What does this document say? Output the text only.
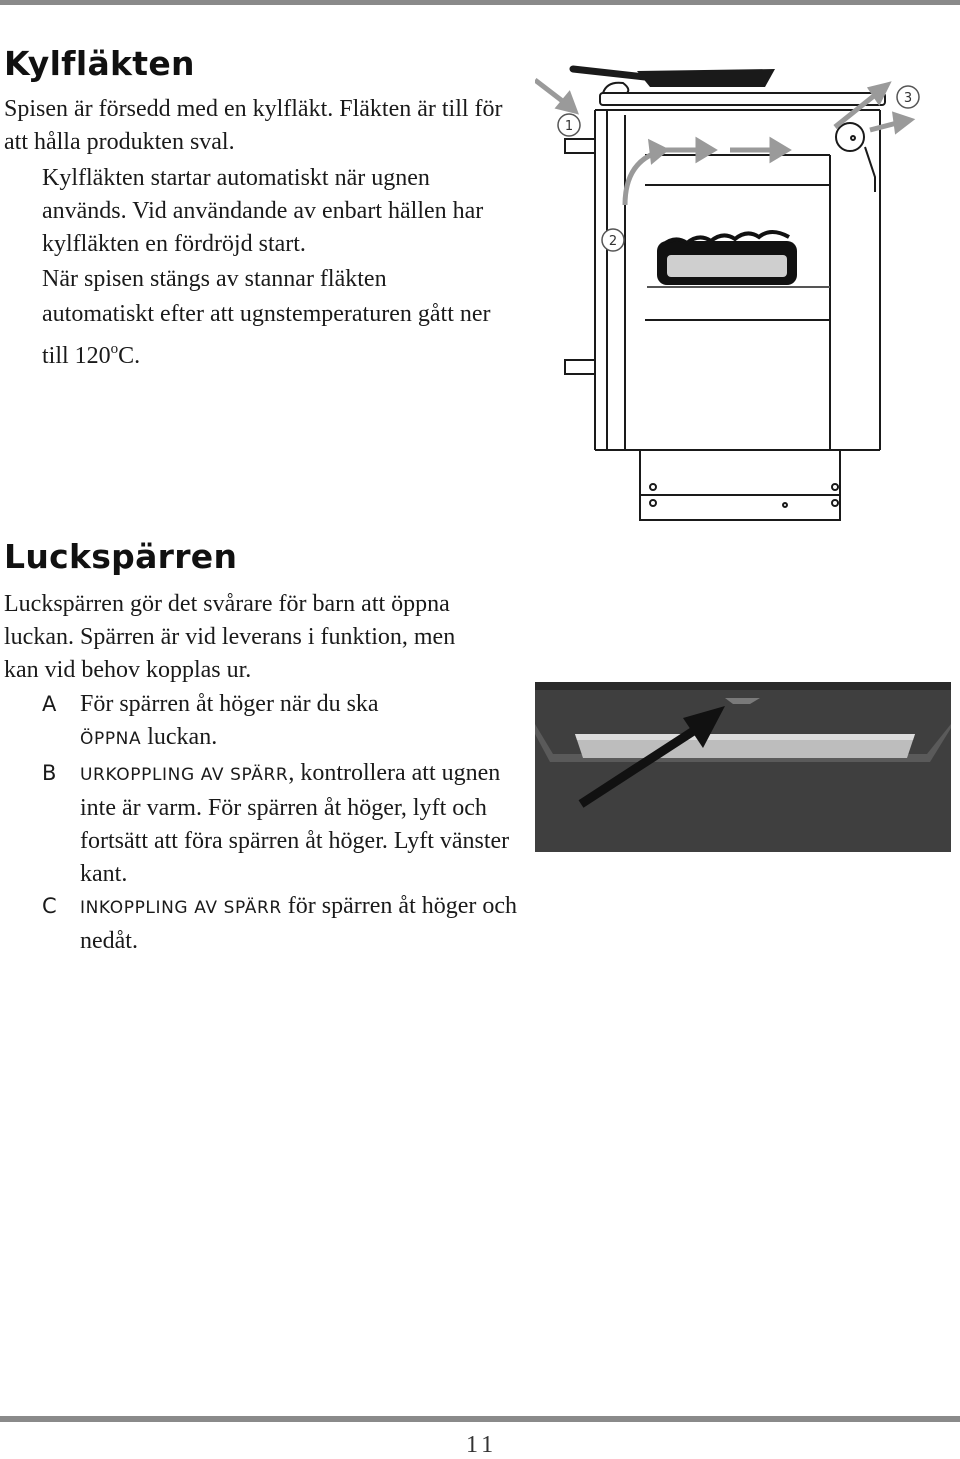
Kylfläkten

Spisen är försedd med en kylfläkt. Fläkten är till för att hålla produkten sval.

Kylfläkten startar automatiskt när ugnen används. Vid användande av enbart hällen har kylfläkten en fördröjd start.

När spisen stängs av stannar fläkten automatiskt efter att ugnstemperaturen gått ner till 120$^o$C.

1
2
3
Luckspärren

Luckspärren gör det svårare för barn att öppna luckan. Spärren är vid leverans i funktion, men kan vid behov kopplas ur.

A För spärren åt höger när du ska
ÖPPNA luckan.
B URKOPPLING AV SPÄRR, kontrollera att ugnen inte är varm. För spärren åt höger, lyft och fortsätt att föra spärren åt höger. Lyft vänster kant.
C INKOPPLING AV SPÄRR för spärren åt höger och nedåt.
11
